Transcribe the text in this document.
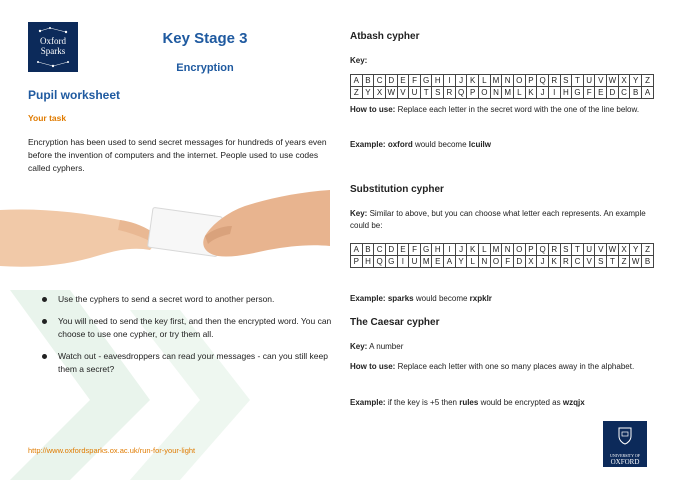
Oxford
Sparks
Key Stage 3
Encryption
Pupil worksheet
Your task
Encryption has been used to send secret messages for hundreds of years even before the invention of computers and the internet. People used to use codes called cyphers.
Use the cyphers to send a secret word to another person.
You will need to send the key first, and then the encrypted word. You can choose to use one cypher, or try them all.
Watch out - eavesdroppers can read your messages - can you still keep them a secret?
http://www.oxfordsparks.ox.ac.uk/run-for-your-light
Atbash cypher
Key:
A	B	C	D	E	F	G	H	I	J	K	L	M	N	O	P	Q	R	S	T	U	V	W	X	Y	Z
Z	Y	X	W	V	U	T	S	R	Q	P	O	N	M	L	K	J	I	H	G	F	E	D	C	B	A
How to use: Replace each letter in the secret word with the one of the line below.
Example: oxford would become lcuilw
Substitution cypher
Key: Similar to above, but you can choose what letter each represents. An example could be:
A	B	C	D	E	F	G	H	I	J	K	L	M	N	O	P	Q	R	S	T	U	V	W	X	Y	Z
P	H	Q	G	I	U	M	E	A	Y	L	N	O	F	D	X	J	K	R	C	V	S	T	Z	W	B
Example: sparks would become rxpklr
The Caesar cypher
Key: A number
How to use: Replace each letter with one so many places away in the alphabet.
Example: if the key is +5 then rules would be encrypted as wzqjx
UNIVERSITY OF
OXFORD
